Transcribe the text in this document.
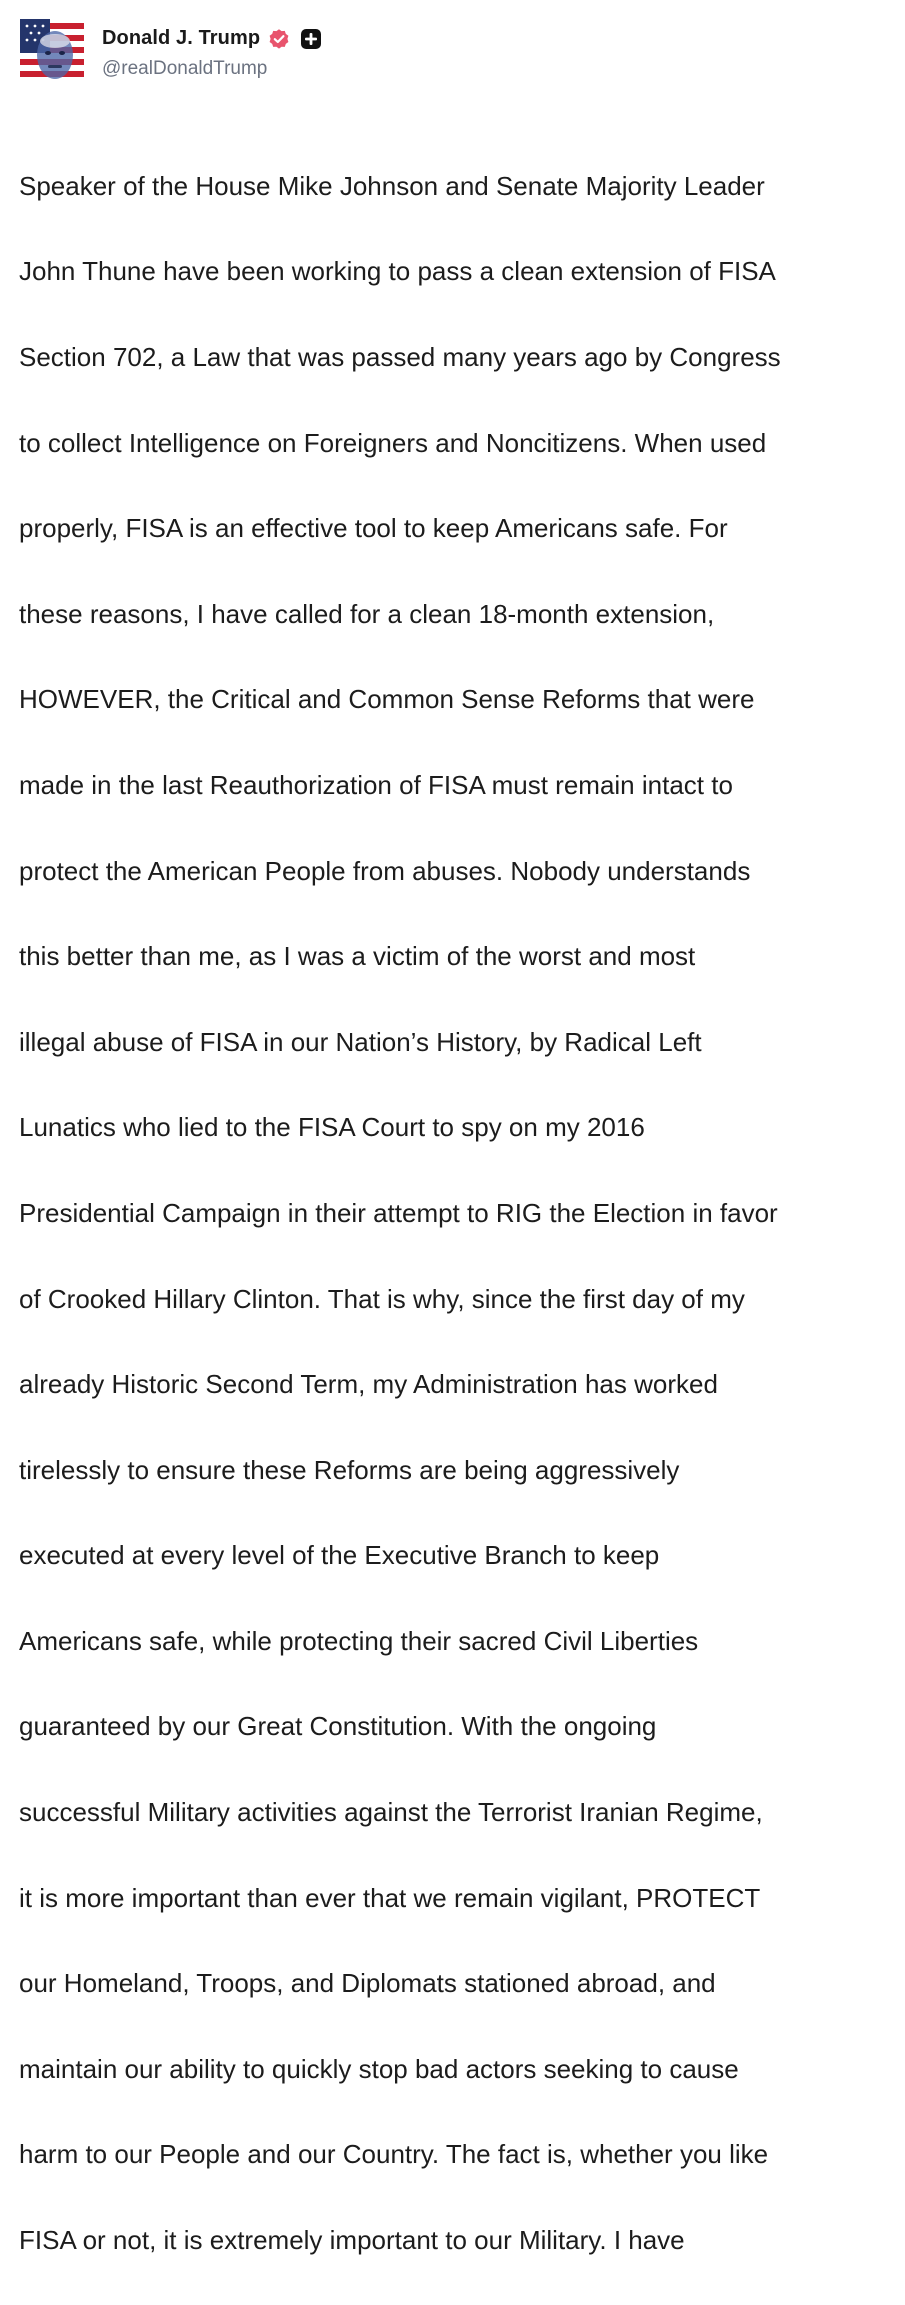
Donald J. Trump
@realDonaldTrump

Speaker of the House Mike Johnson and Senate Majority Leader

John Thune have been working to pass a clean extension of FISA

Section 702, a Law that was passed many years ago by Congress

to collect Intelligence on Foreigners and Noncitizens. When used

properly, FISA is an effective tool to keep Americans safe. For

these reasons, I have called for a clean 18-month extension,

HOWEVER, the Critical and Common Sense Reforms that were

made in the last Reauthorization of FISA must remain intact to

protect the American People from abuses. Nobody understands

this better than me, as I was a victim of the worst and most

illegal abuse of FISA in our Nation’s History, by Radical Left

Lunatics who lied to the FISA Court to spy on my 2016

Presidential Campaign in their attempt to RIG the Election in favor

of Crooked Hillary Clinton. That is why, since the first day of my

already Historic Second Term, my Administration has worked

tirelessly to ensure these Reforms are being aggressively

executed at every level of the Executive Branch to keep

Americans safe, while protecting their sacred Civil Liberties

guaranteed by our Great Constitution. With the ongoing

successful Military activities against the Terrorist Iranian Regime,

it is more important than ever that we remain vigilant, PROTECT

our Homeland, Troops, and Diplomats stationed abroad, and

maintain our ability to quickly stop bad actors seeking to cause

harm to our People and our Country. The fact is, whether you like

FISA or not, it is extremely important to our Military. I have
